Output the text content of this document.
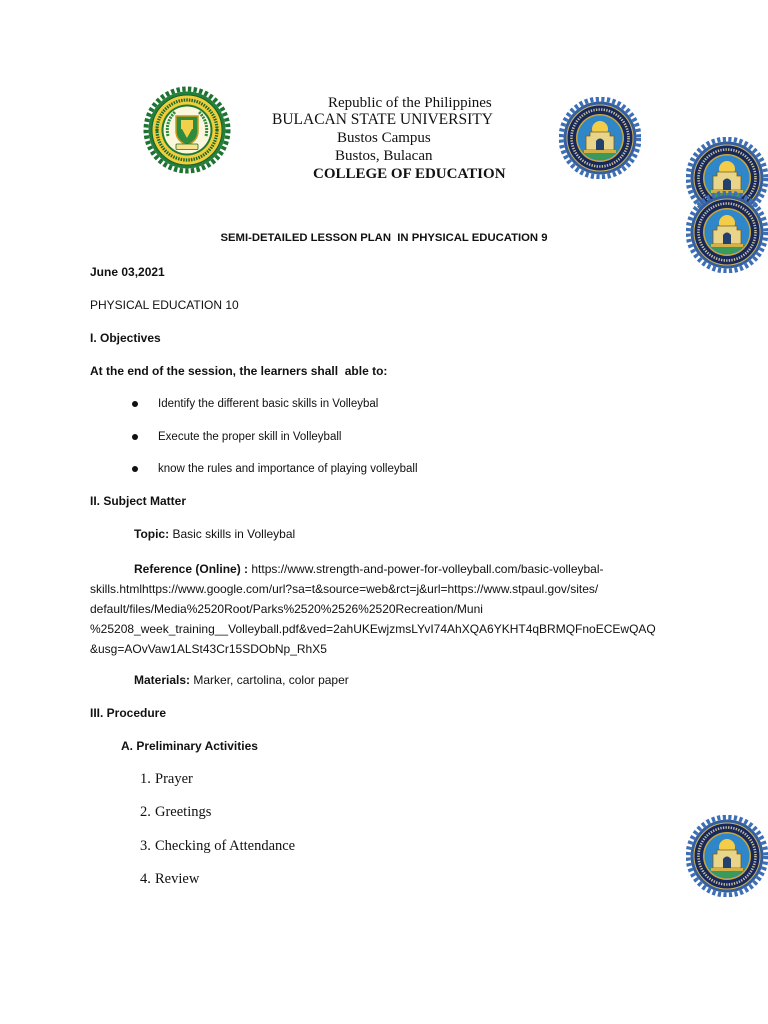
Republic of the Philippines
BULACAN STATE UNIVERSITY
Bustos Campus
Bustos, Bulacan
COLLEGE OF EDUCATION
SEMI-DETAILED LESSON PLAN  IN PHYSICAL EDUCATION 9
June 03,2021
PHYSICAL EDUCATION 10
I. Objectives
At the end of the session, the learners shall  able to:
Identify the different basic skills in Volleybal
Execute the proper skill in Volleyball
know the rules and importance of playing volleyball
II. Subject Matter
Topic: Basic skills in Volleybal
Reference (Online) : https://www.strength-and-power-for-volleyball.com/basic-volleybal-
skills.htmlhttps://www.google.com/url?sa=t&source=web&rct=j&url=https://www.stpaul.gov/sites/
default/files/Media%2520Root/Parks%2520%2526%2520Recreation/Muni
%25208_week_training__Volleyball.pdf&ved=2ahUKEwjzmsLYvI74AhXQA6YKHT4qBRMQFnoECEwQAQ
&usg=AOvVaw1ALSt43Cr15SDObNp_RhX5
Materials: Marker, cartolina, color paper
III. Procedure
A. Preliminary Activities
1. Prayer
2. Greetings
3. Checking of Attendance
4. Review
